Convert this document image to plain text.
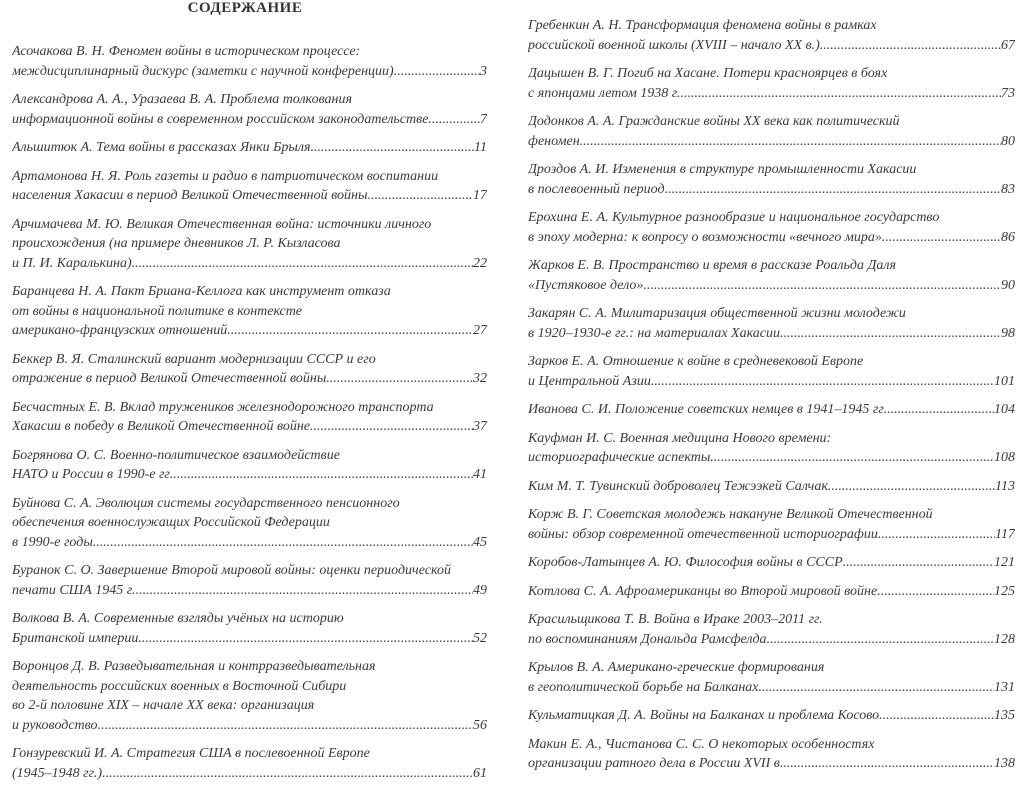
СОДЕРЖАНИЕ
Асочакова В. Н. Феномен войны в историческом процессе:
междисциплинарный дискурс (заметки с научной конференции) .....	3
Александрова А. А., Уразаева В. А. Проблема толкования
информационной войны в современном российском законодательстве .....	7
Альшитюк А. Тема войны в рассказах Янки Брыля .....	11
Артамонова Н. Я. Роль газеты и радио в патриотическом воспитании
населения Хакасии в период Великой Отечественной войны .....	17
Арчимачева М. Ю. Великая Отечественная война: источники личного
происхождения (на примере дневников Л. Р. Кызласова
и П. И. Каралькина) .....	22
Баранцева Н. А. Пакт Бриана-Келлога как инструмент отказа
от войны в национальной политике в контексте
американо-французских отношений .....	27
Беккер В. Я. Сталинский вариант модернизации СССР и его
отражение в период Великой Отечественной войны .....	32
Бесчастных Е. В. Вклад тружеников железнодорожного транспорта
Хакасии в победу в Великой Отечественной войне .....	37
Богрянова О. С. Военно-политическое взаимодействие
НАТО и России в 1990-е гг. .....	41
Буйнова С. А. Эволюция системы государственного пенсионного
обеспечения военнослужащих Российской Федерации
в 1990-е годы .....	45
Буранок С. О. Завершение Второй мировой войны: оценки периодической
печати США 1945 г. .....	49
Волкова В. А. Современные взгляды учёных на историю
Британской империи .....	52
Воронцов Д. В. Разведывательная и контрразведывательная
деятельность российских военных в Восточной Сибири
во 2-й половине XIX – начале XX века: организация
и руководство .....	56
Гонзуревский И. А. Стратегия США в послевоенной Европе
(1945–1948 гг.) .....	61
Гребенкин А. Н. Трансформация феномена войны в рамках
российской военной школы (XVIII – начало XX в.) .....	67
Дацышен В. Г. Погиб на Хасане. Потери красноярцев в боях
с японцами летом 1938 г. .....	73
Додонков А. А. Гражданские войны XX века как политический
феномен .....	80
Дроздов А. И. Изменения в структуре промышленности Хакасии
в послевоенный период .....	83
Ерохина Е. А. Культурное разнообразие и национальное государство
в эпоху модерна: к вопросу о возможности «вечного мира» .....	86
Жарков Е. В. Пространство и время в рассказе Роальда Даля
«Пустяковое дело» .....	90
Закарян С. А. Милитаризация общественной жизни молодежи
в 1920–1930-е гг.: на материалах Хакасии .....	98
Зарков Е. А. Отношение к войне в средневековой Европе
и Центральной Азии .....	101
Иванова С. И. Положение советских немцев в 1941–1945 гг. .....	104
Кауфман И. С. Военная медицина Нового времени:
историографические аспекты .....	108
Ким М. Т. Тувинский доброволец Тежээкей Салчак .....	113
Корж В. Г. Советская молодежь накануне Великой Отечественной
войны: обзор современной отечественной историографии .....	117
Коробов-Латынцев А. Ю. Философия войны в СССР .....	121
Котлова С. А. Афроамериканцы во Второй мировой войне .....	125
Красильщикова Т. В. Война в Ираке 2003–2011 гг.
по воспоминаниям Дональда Рамсфелда .....	128
Крылов В. А. Американо-греческие формирования
в геополитической борьбе на Балканах .....	131
Кульматицкая Д. А. Войны на Балканах и проблема Косово .....	135
Макин Е. А., Чистанова С. С. О некоторых особенностях
организации ратного дела в России XVII в. .....	138
